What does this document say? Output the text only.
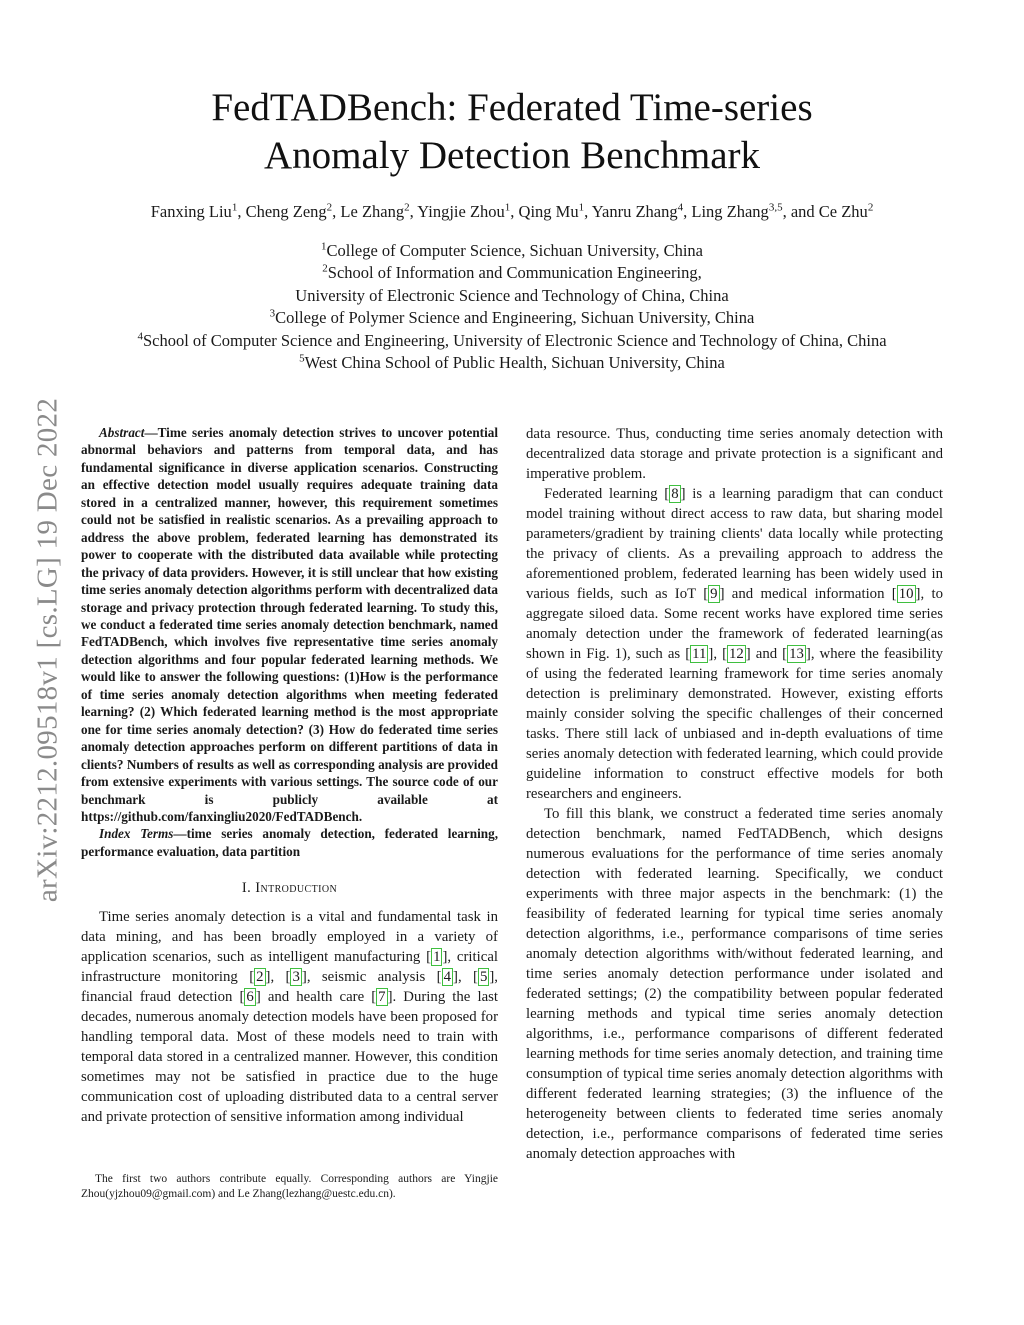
arXiv:2212.09518v1 [cs.LG] 19 Dec 2022
FedTADBench: Federated Time-series
Anomaly Detection Benchmark
Fanxing Liu$^1$, Cheng Zeng$^2$, Le Zhang$^2$, Yingjie Zhou$^1$, Qing Mu$^1$, Yanru Zhang$^4$, Ling Zhang$^{3,5}$, and Ce Zhu$^2$
$^1$College of Computer Science, Sichuan University, China
$^2$School of Information and Communication Engineering,
University of Electronic Science and Technology of China, China
$^3$College of Polymer Science and Engineering, Sichuan University, China
$^4$School of Computer Science and Engineering, University of Electronic Science and Technology of China, China
$^5$West China School of Public Health, Sichuan University, China

Abstract—Time series anomaly detection strives to uncover potential abnormal behaviors and patterns from temporal data, and has fundamental significance in diverse application scenarios. Constructing an effective detection model usually requires adequate training data stored in a centralized manner, however, this requirement sometimes could not be satisfied in realistic scenarios. As a prevailing approach to address the above problem, federated learning has demonstrated its power to cooperate with the distributed data available while protecting the privacy of data providers. However, it is still unclear that how existing time series anomaly detection algorithms perform with decentralized data storage and privacy protection through federated learning. To study this, we conduct a federated time series anomaly detection benchmark, named FedTADBench, which involves five representative time series anomaly detection algorithms and four popular federated learning methods. We would like to answer the following questions: (1)How is the performance of time series anomaly detection algorithms when meeting federated learning? (2) Which federated learning method is the most appropriate one for time series anomaly detection? (3) How do federated time series anomaly detection approaches perform on different partitions of data in clients? Numbers of results as well as corresponding analysis are provided from extensive experiments with various settings. The source code of our benchmark is publicly available at https://github.com/fanxingliu2020/FedTADBench.

Index Terms—time series anomaly detection, federated learning, performance evaluation, data partition

I. Introduction

Time series anomaly detection is a vital and fundamental task in data mining, and has been broadly employed in a variety of application scenarios, such as intelligent manufacturing [ 1 ], critical infrastructure monitoring [ 2 ], [ 3 ], seismic analysis [ 4 ], [ 5 ], financial fraud detection [ 6 ] and health care [ 7 ]. During the last decades, numerous anomaly detection models have been proposed for handling temporal data. Most of these models need to train with temporal data stored in a centralized manner. However, this condition sometimes may not be satisfied in practice due to the huge communication cost of uploading distributed data to a central server and private protection of sensitive information among individual

The first two authors contribute equally. Corresponding authors are Yingjie Zhou(yjzhou09@gmail.com) and Le Zhang(lezhang@uestc.edu.cn).

data resource. Thus, conducting time series anomaly detection with decentralized data storage and private protection is a significant and imperative problem.

Federated learning [ 8 ] is a learning paradigm that can conduct model training without direct access to raw data, but sharing model parameters/gradient by training clients' data locally while protecting the privacy of clients. As a prevailing approach to address the aforementioned problem, federated learning has been widely used in various fields, such as IoT [ 9 ] and medical information [ 10 ], to aggregate siloed data. Some recent works have explored time series anomaly detection under the framework of federated learning(as shown in Fig. 1), such as [ 11 ], [ 12 ] and [ 13 ], where the feasibility of using the federated learning framework for time series anomaly detection is preliminary demonstrated. However, existing efforts mainly consider solving the specific challenges of their concerned tasks. There still lack of unbiased and in-depth evaluations of time series anomaly detection with federated learning, which could provide guideline information to construct effective models for both researchers and engineers.

To fill this blank, we construct a federated time series anomaly detection benchmark, named FedTADBench, which designs numerous evaluations for the performance of time series anomaly detection with federated learning. Specifically, we conduct experiments with three major aspects in the benchmark: (1) the feasibility of federated learning for typical time series anomaly detection algorithms, i.e., performance comparisons of time series anomaly detection algorithms with/without federated learning, and time series anomaly detection performance under isolated and federated settings; (2) the compatibility between popular federated learning methods and typical time series anomaly detection algorithms, i.e., performance comparisons of different federated learning methods for time series anomaly detection, and training time consumption of typical time series anomaly detection algorithms with different federated learning strategies; (3) the influence of the heterogeneity between clients to federated time series anomaly detection, i.e., performance comparisons of federated time series anomaly detection approaches with
